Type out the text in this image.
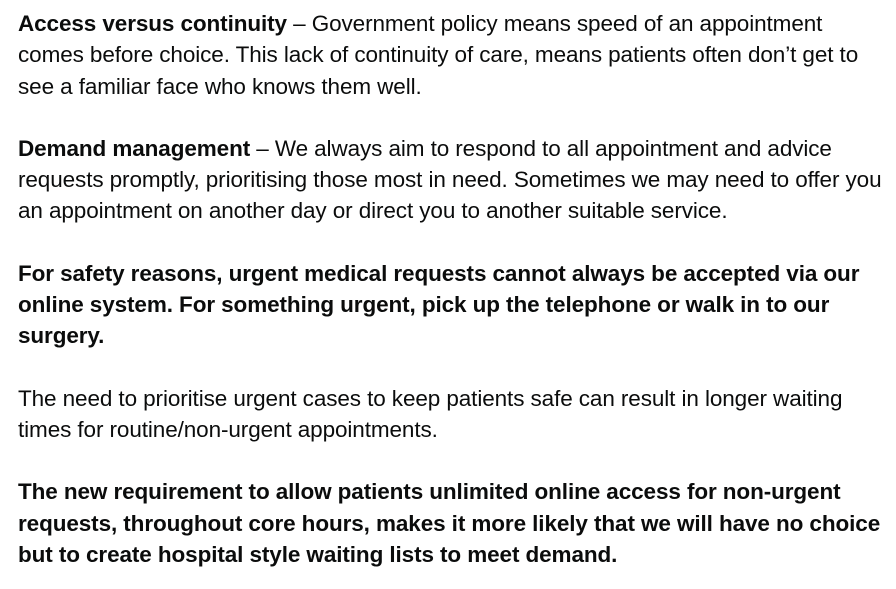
Access versus continuity – Government policy means speed of an appointment comes before choice. This lack of continuity of care, means patients often don’t get to see a familiar face who knows them well.

Demand management – We always aim to respond to all appointment and advice requests promptly, prioritising those most in need. Sometimes we may need to offer you an appointment on another day or direct you to another suitable service.

For safety reasons, urgent medical requests cannot always be accepted via our online system. For something urgent, pick up the telephone or walk in to our surgery.

The need to prioritise urgent cases to keep patients safe can result in longer waiting times for routine/non-urgent appointments.

The new requirement to allow patients unlimited online access for non-urgent requests, throughout core hours, makes it more likely that we will have no choice but to create hospital style waiting lists to meet demand.
